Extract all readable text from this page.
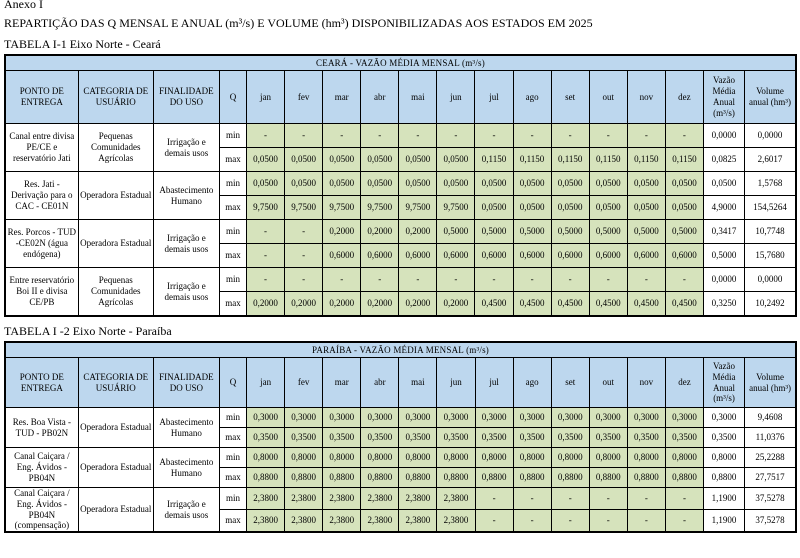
Anexo I
REPARTIÇÃO DAS Q MENSAL E ANUAL (m³/s) E VOLUME (hm³) DISPONIBILIZADAS AOS ESTADOS EM 2025
TABELA I-1 Eixo Norte - Ceará
CEARÁ - VAZÃO MÉDIA MENSAL (m³/s)																	
PONTO DE ENTREGA	CATEGORIA DE USUÁRIO	FINALIDADE DO USO	Q	jan	fev	mar	abr	mai	jun	jul	ago	set	out	nov	dez	Vazão Média Anual (m³/s)	Volume anual (hm³)
Canal entre divisa PE/CE e reservatório Jati	Pequenas Comunidades Agrícolas	Irrigação e demais usos	min	-	-	-	-	-	-	-	-	-	-	-	-	0,0000	0,0000
			max	0,0500	0,0500	0,0500	0,0500	0,0500	0,0500	0,1150	0,1150	0,1150	0,1150	0,1150	0,1150	0,0825	2,6017
Res. Jati - Derivação para o CAC - CE01N	Operadora Estadual	Abastecimento Humano	min	0,0500	0,0500	0,0500	0,0500	0,0500	0,0500	0,0500	0,0500	0,0500	0,0500	0,0500	0,0500	0,0500	1,5768
			max	9,7500	9,7500	9,7500	9,7500	9,7500	9,7500	0,0500	0,0500	0,0500	0,0500	0,0500	0,0500	4,9000	154,5264
Res. Porcos - TUD -CE02N (água endógena)	Operadora Estadual	Irrigação e demais usos	min	-	-	0,2000	0,2000	0,2000	0,5000	0,5000	0,5000	0,5000	0,5000	0,5000	0,5000	0,3417	10,7748
			max	-	-	0,6000	0,6000	0,6000	0,6000	0,6000	0,6000	0,6000	0,6000	0,6000	0,6000	0,5000	15,7680
Entre reservatório Boi II e divisa CE/PB	Pequenas Comunidades Agrícolas	Irrigação e demais usos	min	-	-	-	-	-	-	-	-	-	-	-	-	0,0000	0,0000
			max	0,2000	0,2000	0,2000	0,2000	0,2000	0,2000	0,4500	0,4500	0,4500	0,4500	0,4500	0,4500	0,3250	10,2492
TABELA I -2 Eixo Norte - Paraíba
PARAÍBA - VAZÃO MÉDIA MENSAL (m³/s)																	
PONTO DE ENTREGA	CATEGORIA DE USUÁRIO	FINALIDADE DO USO	Q	jan	fev	mar	abr	mai	jun	jul	ago	set	out	nov	dez	Vazão Média Anual (m³/s)	Volume anual (hm³)
Res. Boa Vista - TUD - PB02N	Operadora Estadual	Abastecimento Humano	min	0,3000	0,3000	0,3000	0,3000	0,3000	0,3000	0,3000	0,3000	0,3000	0,3000	0,3000	0,3000	0,3000	9,4608
			max	0,3500	0,3500	0,3500	0,3500	0,3500	0,3500	0,3500	0,3500	0,3500	0,3500	0,3500	0,3500	0,3500	11,0376
Canal Caiçara / Eng. Ávidos - PB04N	Operadora Estadual	Abastecimento Humano	min	0,8000	0,8000	0,8000	0,8000	0,8000	0,8000	0,8000	0,8000	0,8000	0,8000	0,8000	0,8000	0,8000	25,2288
			max	0,8800	0,8800	0,8800	0,8800	0,8800	0,8800	0,8800	0,8800	0,8800	0,8800	0,8800	0,8800	0,8800	27,7517
Canal Caiçara / Eng. Ávidos - PB04N (compensação)	Operadora Estadual	Irrigação e demais usos	min	2,3800	2,3800	2,3800	2,3800	2,3800	2,3800	-	-	-	-	-	-	1,1900	37,5278
			max	2,3800	2,3800	2,3800	2,3800	2,3800	2,3800	-	-	-	-	-	-	1,1900	37,5278
